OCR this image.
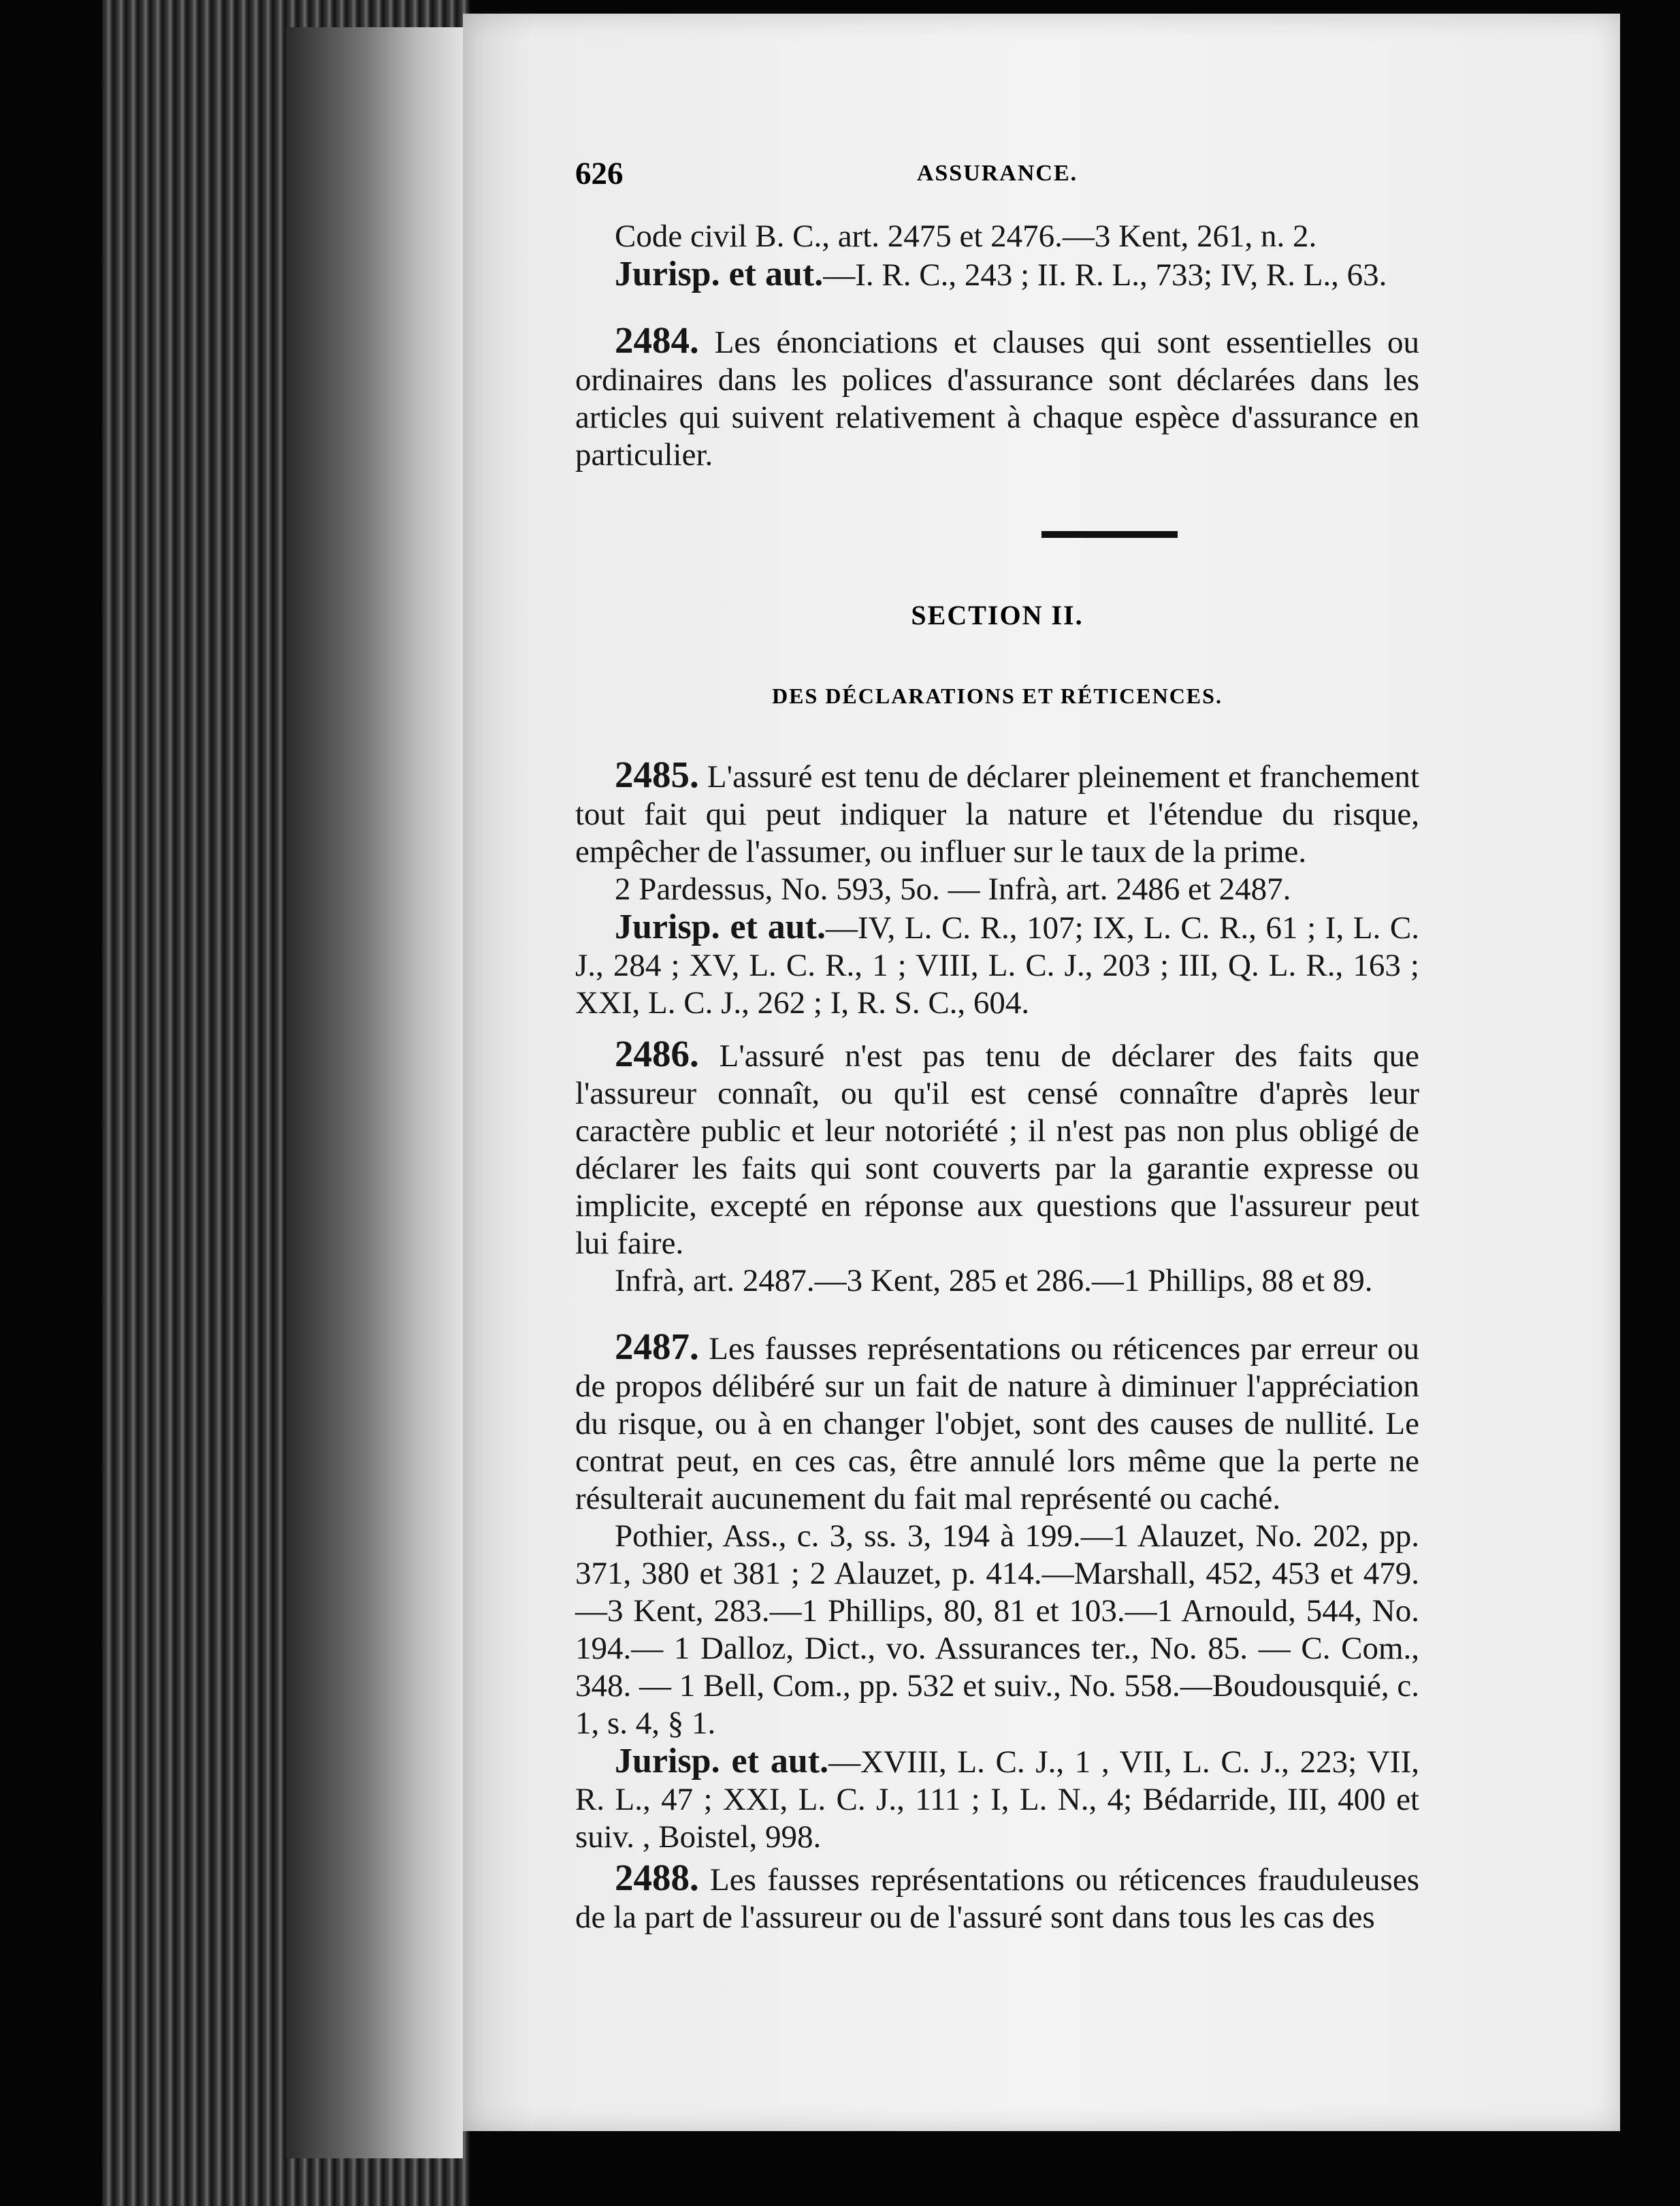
626	ASSURANCE.

Code civil B. C., art. 2475 et 2476.—3 Kent, 261, n. 2.

Jurisp. et aut.—I. R. C., 243 ; II. R. L., 733; IV, R. L., 63.

2484. Les énonciations et clauses qui sont essentielles ou ordinaires dans les polices d'assurance sont déclarées dans les articles qui suivent relativement à chaque espèce d'assurance en particulier.

SECTION II.
DES DÉCLARATIONS ET RÉTICENCES.

2485. L'assuré est tenu de déclarer pleinement et franchement tout fait qui peut indiquer la nature et l'étendue du risque, empêcher de l'assumer, ou influer sur le taux de la prime.

2 Pardessus, No. 593, 5o. — Infrà, art. 2486 et 2487.

Jurisp. et aut.—IV, L. C. R., 107; IX, L. C. R., 61 ; I, L. C. J., 284 ; XV, L. C. R., 1 ; VIII, L. C. J., 203 ; III, Q. L. R., 163 ; XXI, L. C. J., 262 ; I, R. S. C., 604.

2486. L'assuré n'est pas tenu de déclarer des faits que l'assureur connaît, ou qu'il est censé connaître d'après leur caractère public et leur notoriété ; il n'est pas non plus obligé de déclarer les faits qui sont couverts par la garantie expresse ou implicite, excepté en réponse aux questions que l'assureur peut lui faire.

Infrà, art. 2487.—3 Kent, 285 et 286.—1 Phillips, 88 et 89.

2487. Les fausses représentations ou réticences par erreur ou de propos délibéré sur un fait de nature à diminuer l'appréciation du risque, ou à en changer l'objet, sont des causes de nullité. Le contrat peut, en ces cas, être annulé lors même que la perte ne résulterait aucunement du fait mal représenté ou caché.

Pothier, Ass., c. 3, ss. 3, 194 à 199.—1 Alauzet, No. 202, pp. 371, 380 et 381 ; 2 Alauzet, p. 414.—Marshall, 452, 453 et 479.—3 Kent, 283.—1 Phillips, 80, 81 et 103.—1 Arnould, 544, No. 194.— 1 Dalloz, Dict., vo. Assurances ter., No. 85. — C. Com., 348. — 1 Bell, Com., pp. 532 et suiv., No. 558.—Boudousquié, c. 1, s. 4, § 1.

Jurisp. et aut.—XVIII, L. C. J., 1 , VII, L. C. J., 223; VII, R. L., 47 ; XXI, L. C. J., 111 ; I, L. N., 4; Bédarride, III, 400 et suiv. , Boistel, 998.

2488. Les fausses représentations ou réticences frauduleuses de la part de l'assureur ou de l'assuré sont dans tous les cas des
